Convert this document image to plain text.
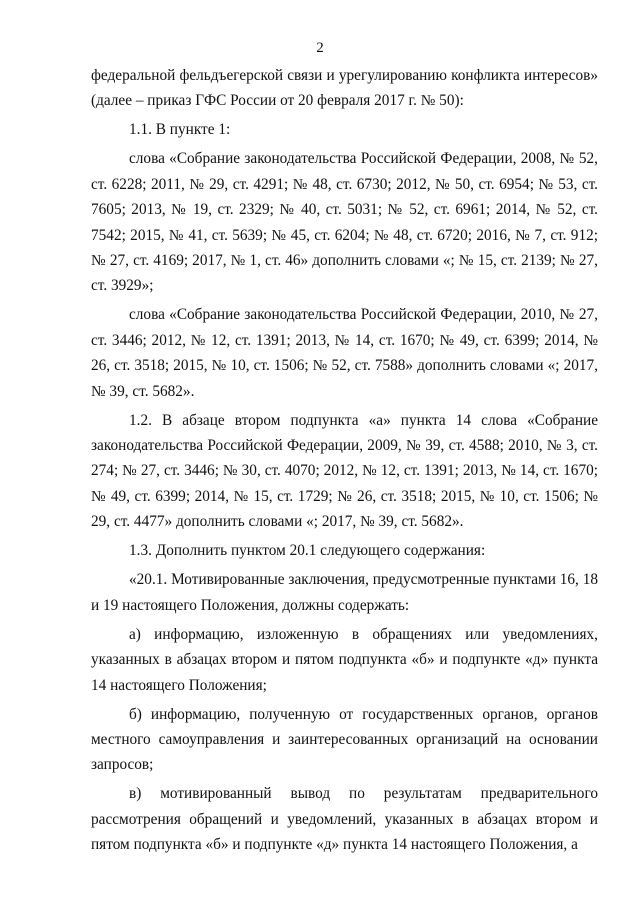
2

федеральной фельдъегерской связи и урегулированию конфликта интересов» (далее – приказ ГФС России от 20 февраля 2017 г. № 50):

1.1. В пункте 1:

слова «Собрание законодательства Российской Федерации, 2008, № 52, ст. 6228; 2011, № 29, ст. 4291; № 48, ст. 6730; 2012, № 50, ст. 6954; № 53, ст. 7605; 2013, № 19, ст. 2329; № 40, ст. 5031; № 52, ст. 6961; 2014, № 52, ст. 7542; 2015, № 41, ст. 5639; № 45, ст. 6204; № 48, ст. 6720; 2016, № 7, ст. 912; № 27, ст. 4169; 2017, № 1, ст. 46» дополнить словами «; № 15, ст. 2139; № 27, ст. 3929»;

слова «Собрание законодательства Российской Федерации, 2010, № 27, ст. 3446; 2012, № 12, ст. 1391; 2013, № 14, ст. 1670; № 49, ст. 6399; 2014, № 26, ст. 3518; 2015, № 10, ст. 1506; № 52, ст. 7588» дополнить словами «; 2017, № 39, ст. 5682».

1.2. В абзаце втором подпункта «а» пункта 14 слова «Собрание законодательства Российской Федерации, 2009, № 39, ст. 4588; 2010, № 3, ст. 274; № 27, ст. 3446; № 30, ст. 4070; 2012, № 12, ст. 1391; 2013, № 14, ст. 1670; № 49, ст. 6399; 2014, № 15, ст. 1729; № 26, ст. 3518; 2015, № 10, ст. 1506; № 29, ст. 4477» дополнить словами «; 2017, № 39, ст. 5682».

1.3. Дополнить пунктом 20.1 следующего содержания:

«20.1. Мотивированные заключения, предусмотренные пунктами 16, 18 и 19 настоящего Положения, должны содержать:

а) информацию, изложенную в обращениях или уведомлениях, указанных в абзацах втором и пятом подпункта «б» и подпункте «д» пункта 14 настоящего Положения;

б) информацию, полученную от государственных органов, органов местного самоуправления и заинтересованных организаций на основании запросов;

в) мотивированный вывод по результатам предварительного рассмотрения обращений и уведомлений, указанных в абзацах втором и пятом подпункта «б» и подпункте «д» пункта 14 настоящего Положения, а
